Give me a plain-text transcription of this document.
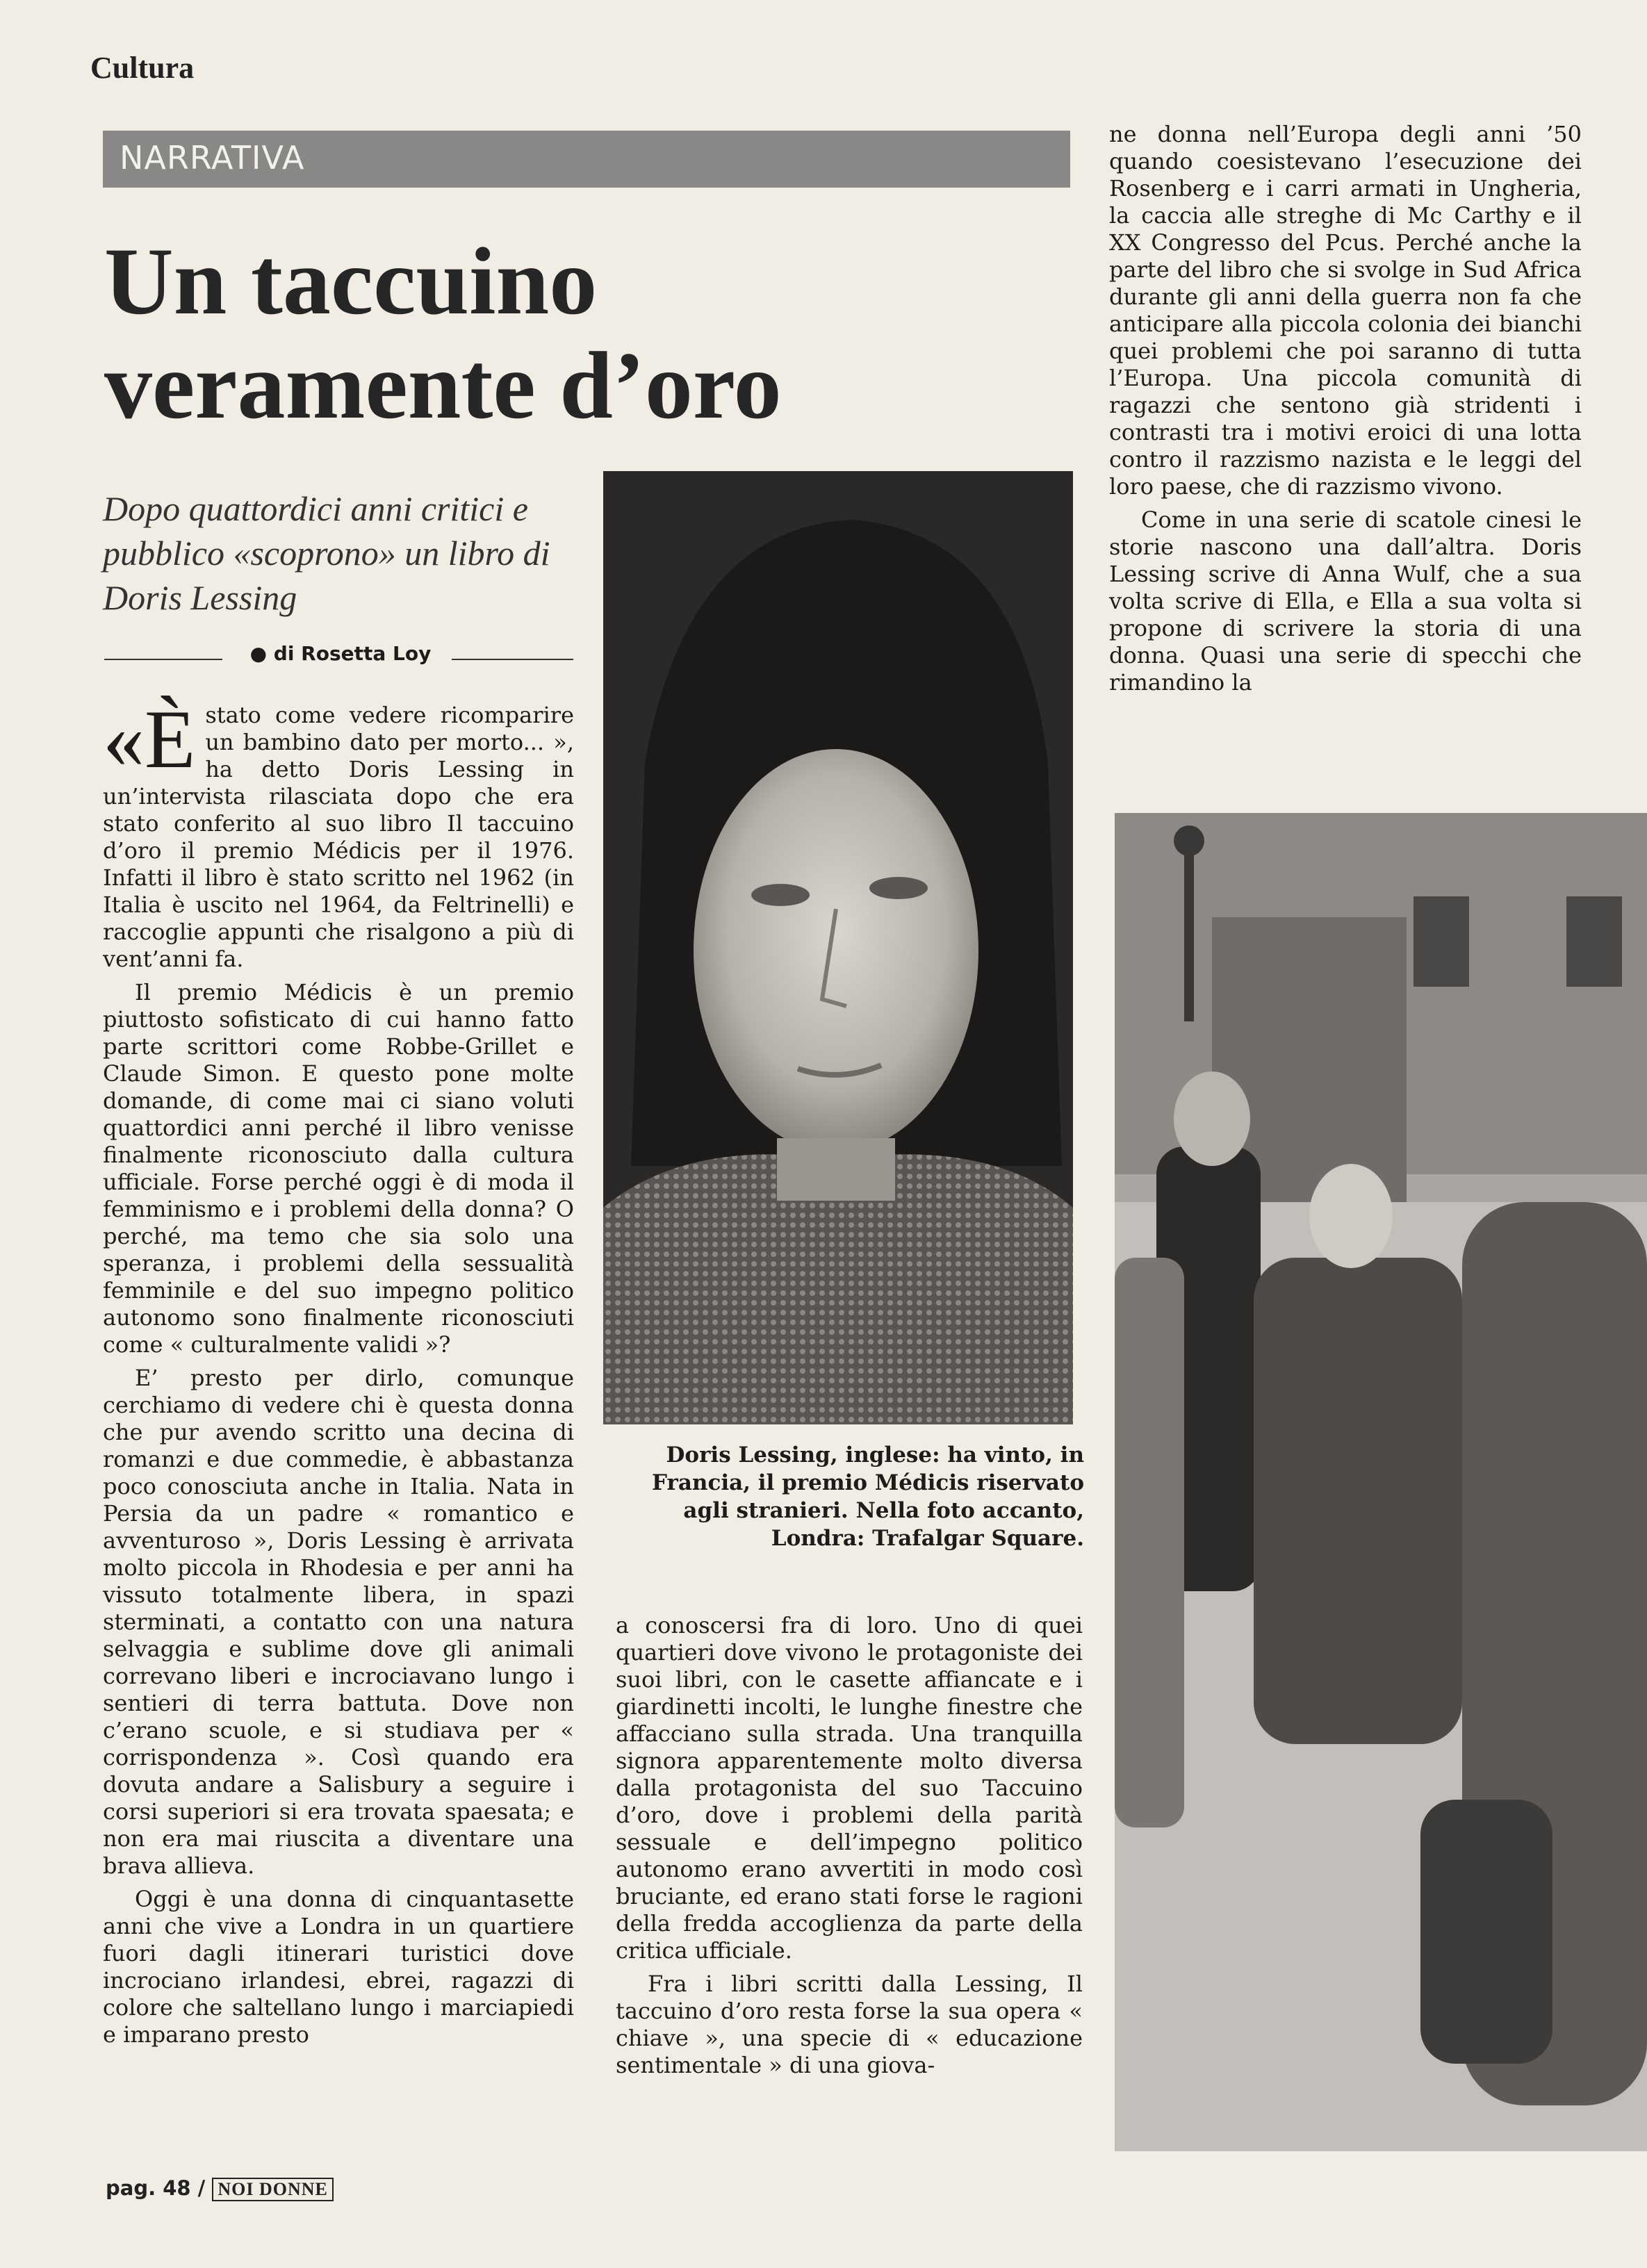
Cultura
NARRATIVA
Un taccuino veramente d’oro
Dopo quattordici anni critici e pubblico «scoprono» un libro di Doris Lessing
● di Rosetta Loy

«È stato come vedere ricomparire un bambino dato per morto... », ha detto Doris Lessing in un’intervista rilasciata dopo che era stato conferito al suo libro Il taccuino d’oro il premio Médicis per il 1976. Infatti il libro è stato scritto nel 1962 (in Italia è uscito nel 1964, da Feltrinelli) e raccoglie appunti che risalgono a più di vent’anni fa.

Il premio Médicis è un premio piuttosto sofisticato di cui hanno fatto parte scrittori come Robbe-Grillet e Claude Simon. E questo pone molte domande, di come mai ci siano voluti quattordici anni perché il libro venisse finalmente riconosciuto dalla cultura ufficiale. Forse perché oggi è di moda il femminismo e i problemi della donna? O perché, ma temo che sia solo una speranza, i problemi della sessualità femminile e del suo impegno politico autonomo sono finalmente riconosciuti come « culturalmente validi »?

E’ presto per dirlo, comunque cerchiamo di vedere chi è questa donna che pur avendo scritto una decina di romanzi e due commedie, è abbastanza poco conosciuta anche in Italia. Nata in Persia da un padre « romantico e avventuroso », Doris Lessing è arrivata molto piccola in Rhodesia e per anni ha vissuto totalmente libera, in spazi sterminati, a contatto con una natura selvaggia e sublime dove gli animali correvano liberi e incrociavano lungo i sentieri di terra battuta. Dove non c’erano scuole, e si studiava per « corrispondenza ». Così quando era dovuta andare a Salisbury a seguire i corsi superiori si era trovata spaesata; e non era mai riuscita a diventare una brava allieva.

Oggi è una donna di cinquantasette anni che vive a Londra in un quartiere fuori dagli itinerari turistici dove incrociano irlandesi, ebrei, ragazzi di colore che saltellano lungo i marciapiedi e imparano presto

Doris Lessing, inglese: ha vinto, in Francia, il premio Médicis riservato agli stranieri. Nella foto accanto, Londra: Trafalgar Square.

a conoscersi fra di loro. Uno di quei quartieri dove vivono le protagoniste dei suoi libri, con le casette affiancate e i giardinetti incolti, le lunghe finestre che affacciano sulla strada. Una tranquilla signora apparentemente molto diversa dalla protagonista del suo Taccuino d’oro, dove i problemi della parità sessuale e dell’impegno politico autonomo erano avvertiti in modo così bruciante, ed erano stati forse le ragioni della fredda accoglienza da parte della critica ufficiale.

Fra i libri scritti dalla Lessing, Il taccuino d’oro resta forse la sua opera « chiave », una specie di « educazione sentimentale » di una giova-

ne donna nell’Europa degli anni ’50 quando coesistevano l’esecuzione dei Rosenberg e i carri armati in Ungheria, la caccia alle streghe di Mc Carthy e il XX Congresso del Pcus. Perché anche la parte del libro che si svolge in Sud Africa durante gli anni della guerra non fa che anticipare alla piccola colonia dei bianchi quei problemi che poi saranno di tutta l’Europa. Una piccola comunità di ragazzi che sentono già stridenti i contrasti tra i motivi eroici di una lotta contro il razzismo nazista e le leggi del loro paese, che di razzismo vivono.

Come in una serie di scatole cinesi le storie nascono una dall’altra. Doris Lessing scrive di Anna Wulf, che a sua volta scrive di Ella, e Ella a sua volta si propone di scrivere la storia di una donna. Quasi una serie di specchi che rimandino la

pag. 48 / NOI DONNE
